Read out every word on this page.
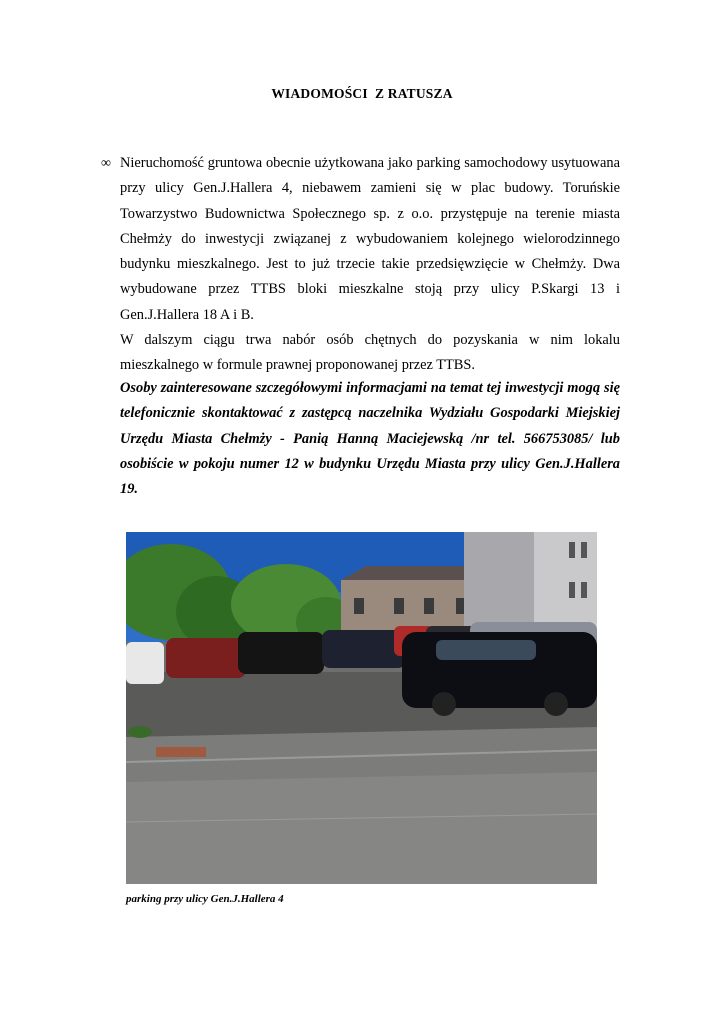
WIADOMOŚCI  Z RATUSZA
∞ Nieruchomość gruntowa obecnie użytkowana jako parking samochodowy usytuowana przy ulicy Gen.J.Hallera 4, niebawem zamieni się w plac budowy. Toruńskie Towarzystwo Budownictwa Społecznego sp. z o.o. przystępuje na terenie miasta Chełmży do inwestycji związanej z wybudowaniem kolejnego wielorodzinnego budynku mieszkalnego. Jest to już trzecie takie przedsięwzięcie w Chełmży. Dwa wybudowane przez TTBS bloki mieszkalne stoją przy ulicy P.Skargi 13 i Gen.J.Hallera 18 A i B.
W dalszym ciągu trwa nabór osób chętnych do pozyskania w nim lokalu mieszkalnego w formule prawnej proponowanej przez TTBS.
Osoby zainteresowane szczegółowymi informacjami na temat tej inwestycji mogą się telefonicznie skontaktować z zastępcą naczelnika Wydziału Gospodarki Miejskiej Urzędu Miasta Chełmży - Panią Hanną Maciejewską /nr tel. 566753085/ lub osobiście w pokoju numer 12 w budynku Urzędu Miasta przy ulicy Gen.J.Hallera 19.
parking przy ulicy Gen.J.Hallera 4
